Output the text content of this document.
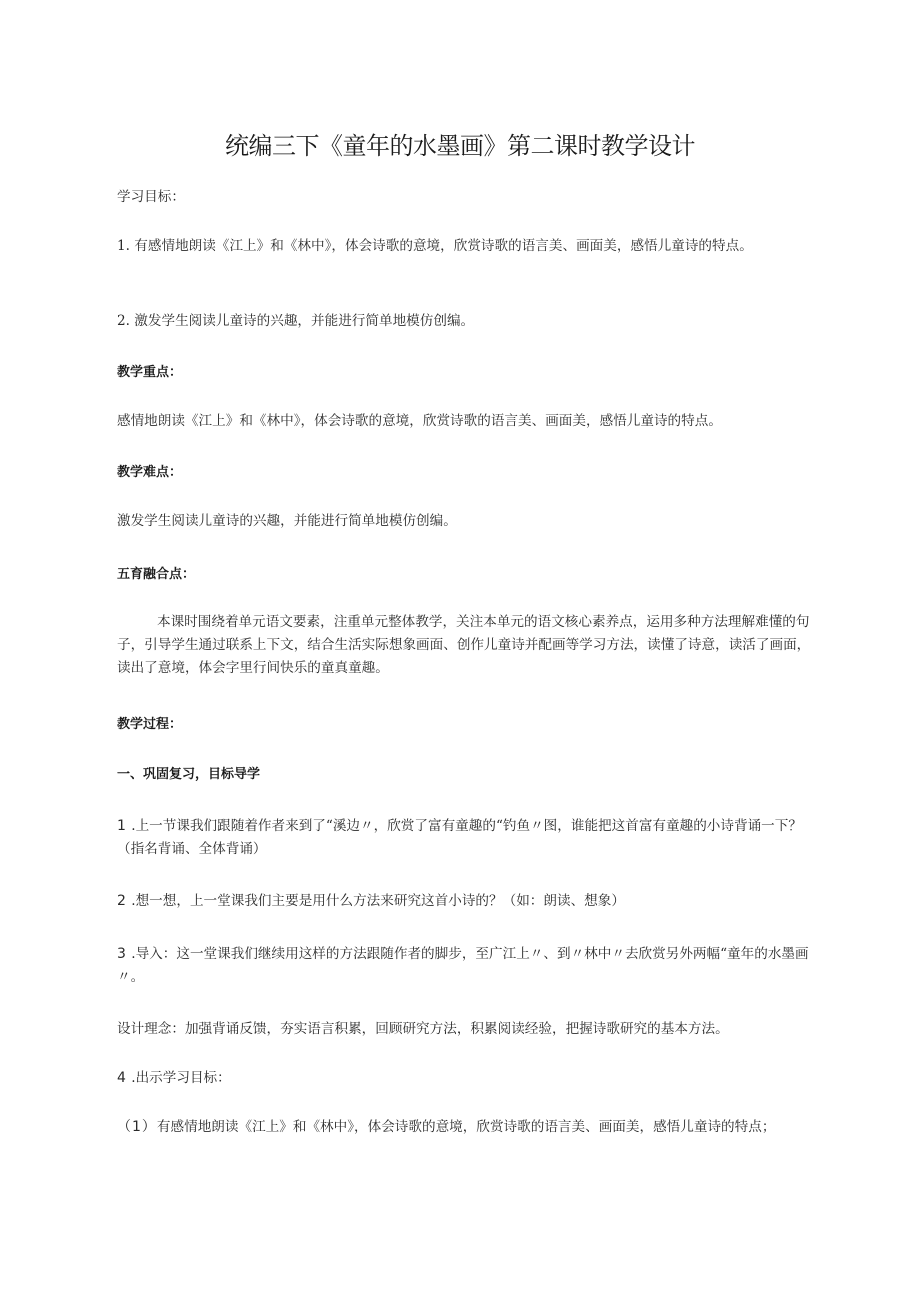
统编三下《童年的水墨画》第二课时教学设计

学习目标：

1. 有感情地朗读《江上》和《林中》，体会诗歌的意境，欣赏诗歌的语言美、画面美，感悟儿童诗的特点。

2. 激发学生阅读儿童诗的兴趣，并能进行简单地模仿创编。

教学重点：

感情地朗读《江上》和《林中》，体会诗歌的意境，欣赏诗歌的语言美、画面美，感悟儿童诗的特点。

教学难点：

激发学生阅读儿童诗的兴趣，并能进行简单地模仿创编。

五育融合点：

本课时围绕着单元语文要素，注重单元整体教学，关注本单元的语文核心素养点，运用多种方法理解难懂的句子，引导学生通过联系上下文，结合生活实际想象画面、创作儿童诗并配画等学习方法，读懂了诗意，读活了画面，读出了意境，体会字里行间快乐的童真童趣。

教学过程：

一、巩固复习，目标导学

1 .上一节课我们跟随着作者来到了“溪边〃，欣赏了富有童趣的“钓鱼〃图，谁能把这首富有童趣的小诗背诵一下？（指名背诵、全体背诵）

2 .想一想，上一堂课我们主要是用什么方法来研究这首小诗的？（如：朗读、想象）

3 .导入：这一堂课我们继续用这样的方法跟随作者的脚步，至广江上〃、到〃林中〃去欣赏另外两幅“童年的水墨画〃。

设计理念：加强背诵反馈，夯实语言积累，回顾研究方法，积累阅读经验，把握诗歌研究的基本方法。

4 .出示学习目标：

（1）有感情地朗读《江上》和《林中》，体会诗歌的意境，欣赏诗歌的语言美、画面美，感悟儿童诗的特点；
